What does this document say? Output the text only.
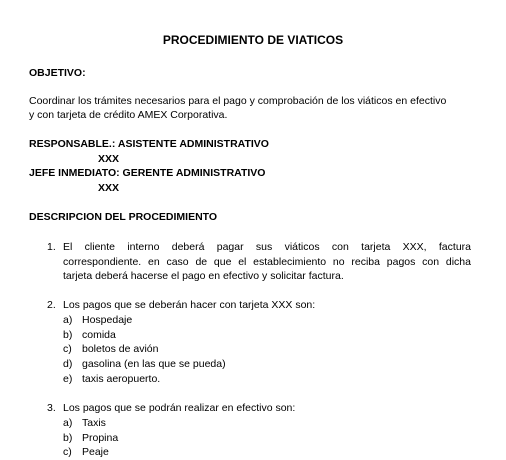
PROCEDIMIENTO DE VIATICOS
OBJETIVO:
Coordinar los trámites necesarios para el pago y comprobación de los viáticos en efectivo
y con tarjeta de crédito AMEX Corporativa.
RESPONSABLE.: ASISTENTE ADMINISTRATIVO
XXX
JEFE INMEDIATO: GERENTE ADMINISTRATIVO
XXX
DESCRIPCION DEL PROCEDIMIENTO
1. El cliente interno deberá pagar sus viáticos con tarjeta XXX, factura
correspondiente. en caso de que el establecimiento no reciba pagos con dicha
tarjeta deberá hacerse el pago en efectivo y solicitar factura.
2. Los pagos que se deberán hacer con tarjeta XXX son:
a) Hospedaje
b) comida
c) boletos de avión
d) gasolina (en las que se pueda)
e) taxis aeropuerto.
3. Los pagos que se podrán realizar en efectivo son:
a) Taxis
b) Propina
c) Peaje
